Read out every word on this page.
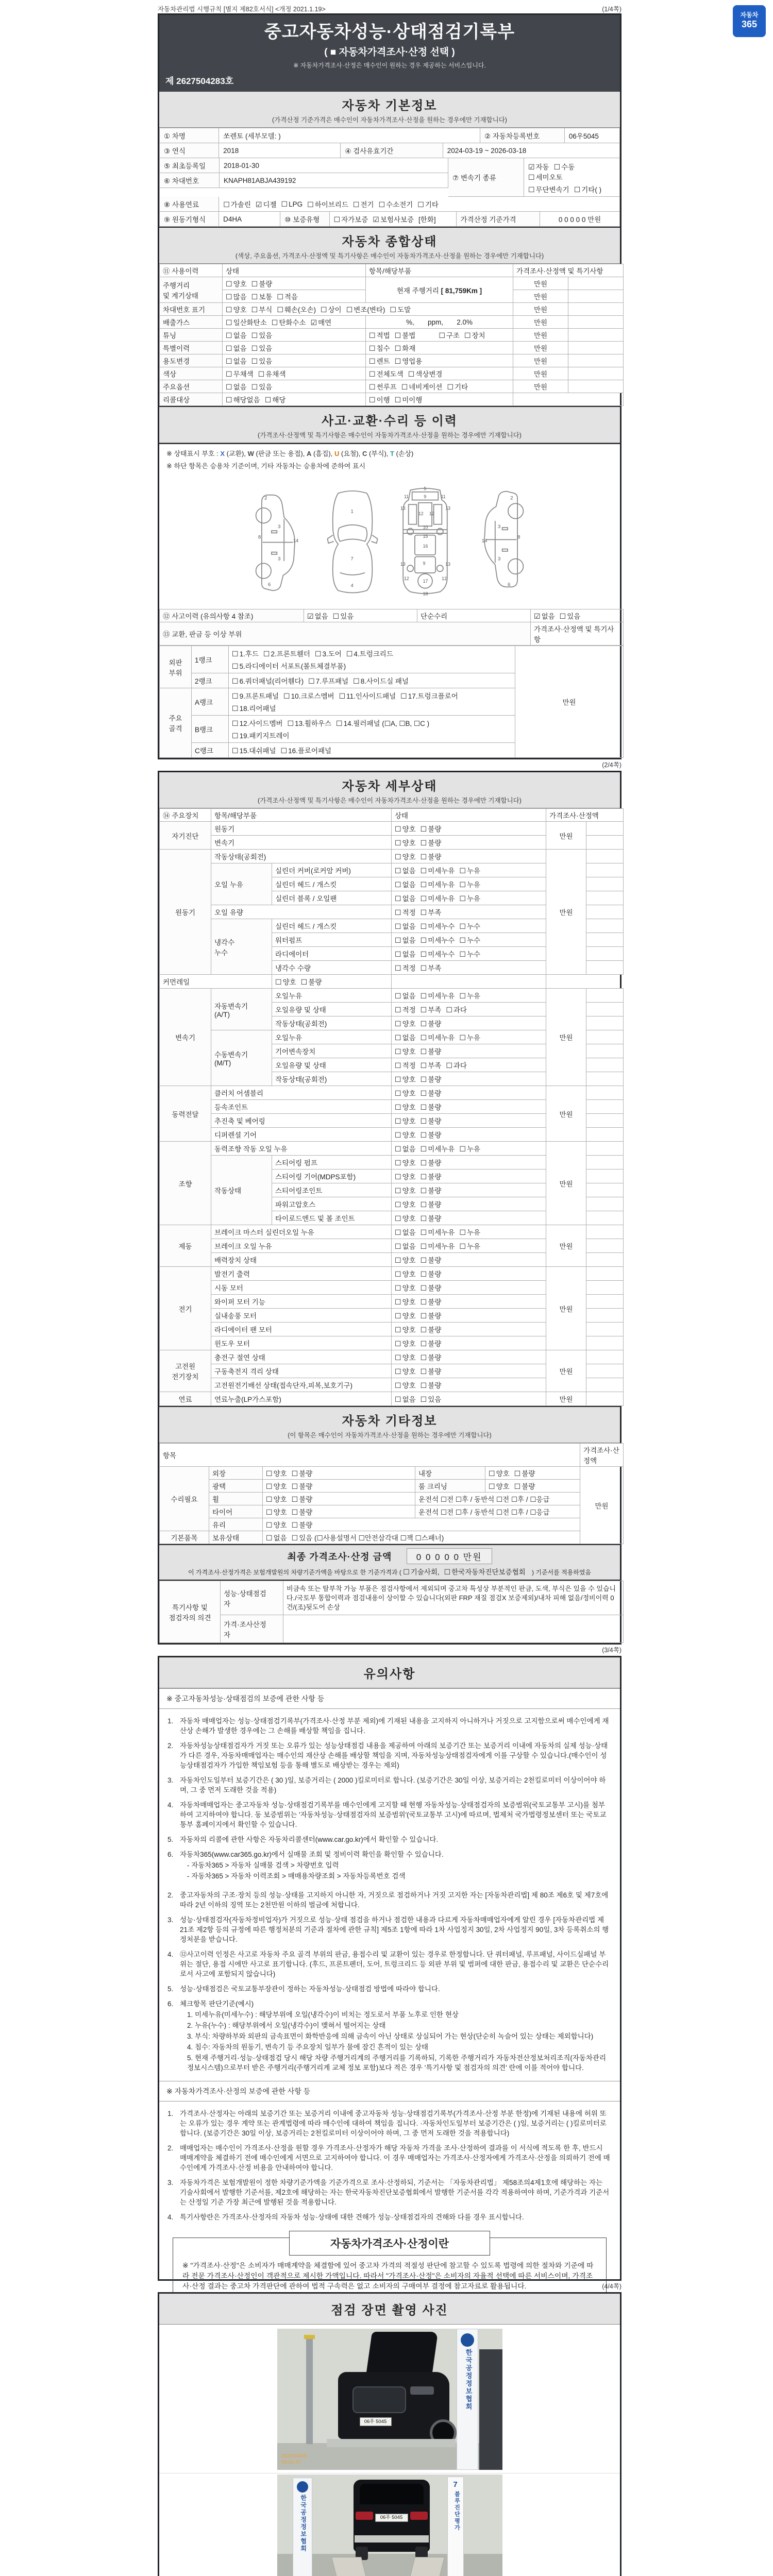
자동차관리법 시행규칙 [별지 제82호서식] <개정 2021.1.19>	(1/4쪽)
자동차
365
중고자동차성능·상태점검기록부
( ■ 자동차가격조사·산정 선택 )
※ 자동차가격조사·산정은 매수인이 원하는 경우 제공하는 서비스입니다.
제 2627504283호
자동차 기본정보
(가격산정 기준가격은 매수인이 자동차가격조사·산정을 원하는 경우에만 기재합니다)
① 차명	쏘렌토 (세부모델: )	② 자동차등록번호	06우5045
③ 연식	2018	④ 검사유효기간	2024-03-19 ~ 2026-03-18
⑤ 최초등록일	2018-01-30
⑥ 차대번호	KNAPH81ABJA439192	⑦ 변속기 종류
☑ 자동 ☐ 수동☐ 세미오토
☐ 무단변속기 ☐ 기타( )
⑧ 사용연료	☐ 가솔린 ☑ 디젤 ☐ LPG ☐ 하이브리드 ☐ 전기 ☐ 수소전기 ☐ 기타
⑨ 원동기형식	D4HA	⑩ 보증유형	☐ 자가보증 ☑ 보험사보증 [한화]	가격산정 기준가격	0 0 0 0 0 만원
자동차 종합상태
(색상, 주요옵션, 가격조사·산정액 및 특기사항은 매수인이 자동차가격조사·산정을 원하는 경우에만 기재합니다)
⑪ 사용이력	상태	항목/해당부품	가격조사·산정액 및 특기사항	
주행거리
및 계기상태	☐ 양호 ☐ 불량	현재 주행거리 [ 81,759Km ]	만원	
	☐ 많음 ☐ 보통 ☐ 적음		만원	
차대번호 표기	☐ 양호 ☐ 부식 ☐ 훼손(오손) ☐ 상이 ☐ 변조(변타) ☐ 도말		만원	
배출가스	☐ 일산화탄소 ☐ 탄화수소 ☑ 매연	%,       ppm,       2.0%	만원	
튜닝	☐ 없음 ☐ 있음	☐ 적법 ☐ 불법 ☐ 구조 ☐ 장치	만원	
특별이력	☐ 없음 ☐ 있음	☐ 침수 ☐ 화재	만원	
용도변경	☐ 없음 ☐ 있음	☐ 렌트 ☐ 영업용	만원	
색상	☐ 무채색 ☐ 유채색	☐ 전체도색 ☐ 색상변경	만원	
주요옵션	☐ 없음 ☐ 있음	☐ 썬루프 ☐ 네비게이션 ☐ 기타	만원	
리콜대상	☐ 해당없음 ☐ 해당	☐ 이행 ☐ 미이행		
사고·교환·수리 등 이력
(가격조사·산정액 및 특기사항은 매수인이 자동차가격조사·산정을 원하는 경우에만 기재합니다)
※ 상태표시 부호 : X (교환), W (판금 또는 용접), A (흠집), U (요철), C (부식), T (손상)
※ 하단 항목은 승용차 기준이며, 기타 자동차는 승용차에 준하여 표시
2
8
3
14
3
6
1
7
4
5
11	11
9
13	13
12 12
10
15
16
13	13
9
12	12
17
18
2
8
3
14
3
6
⑫ 사고이력 (유의사항 4 참조)	☑ 없음 ☐ 있음	단순수리	☑ 없음 ☐ 있음
⑬ 교환, 판금 등 이상 부위			가격조사·산정액 및 특기사항
외판
부위	1랭크	
☐ 1.후드 ☐ 2.프론트휀더 ☐ 3.도어 ☐ 4.트렁크리드
☐ 5.라디에이터 서포트(볼트체결부품)
	만원
	2랭크	☐ 6.쿼더패널(리어휀다) ☐ 7.루프패널 ☐ 8.사이드실 패널	

주요
골격	A랭크	
☐ 9.프론트패널 ☐ 10.크로스멤버 ☐ 11.인사이드패널 ☐ 17.트렁크플로어
☐ 18.리어패널

	B랭크	☐ 12.사이드멤버 ☐ 13.휠하우스 ☐ 14.필러패널 (☐A, ☐B, ☐C )
☐ 19.패키지트레이	

	C랭크	☐ 15.대쉬패널 ☐ 16.플로어패널	
(2/4쪽)
자동차 세부상태
(가격조사·산정액 및 특기사항은 매수인이 자동차가격조사·산정을 원하는 경우에만 기재합니다)
⑭ 주요장치	항목/해당부품		상태	가격조사·산정액	
자기진단	원동기		☐ 양호 ☐ 불량	만원	
	변속기		☐ 양호 ☐ 불량		
원동기	작동상태(공회전)		☐ 양호 ☐ 불량	만원	
	오일 누유	실린더 커버(로커암 커버)	☐ 없음 ☐ 미세누유 ☐ 누유		
		실린더 헤드 / 개스킷	☐ 없음 ☐ 미세누유 ☐ 누유		
		실린더 블록 / 오일팬	☐ 없음 ☐ 미세누유 ☐ 누유		
	오일 유량		☐ 적정 ☐ 부족		
	냉각수
누수	실린더 헤드 / 개스킷	☐ 없음 ☐ 미세누수 ☐ 누수		
		워터펌프	☐ 없음 ☐ 미세누수 ☐ 누수		
		라디에이터	☐ 없음 ☐ 미세누수 ☐ 누수		
		냉각수 수량	☐ 적정 ☐ 부족		
커먼레일		☐ 양호 ☐ 불량			
변속기	자동변속기
(A/T)	오일누유	☐ 없음 ☐ 미세누유 ☐ 누유	만원	
		오일유량 및 상태	☐ 적정 ☐ 부족 ☐ 과다		
		작동상태(공회전)	☐ 양호 ☐ 불량		
	수동변속기
(M/T)	오일누유	☐ 없음 ☐ 미세누유 ☐ 누유		
		기어변속장치	☐ 양호 ☐ 불량		
		오일유량 및 상태	☐ 적정 ☐ 부족 ☐ 과다		
		작동상태(공회전)	☐ 양호 ☐ 불량		
동력전달	클러치 어셈블리		☐ 양호 ☐ 불량	만원	
	등속조인트		☐ 양호 ☐ 불량		
	추진축 및 베어링		☐ 양호 ☐ 불량		
	디퍼렌셜 기어		☐ 양호 ☐ 불량		
조향	동력조향 작동 오일 누유		☐ 없음 ☐ 미세누유 ☐ 누유	만원	
	작동상태	스티어링 펌프	☐ 양호 ☐ 불량		
		스티어링 기어(MDPS포함)	☐ 양호 ☐ 불량		
		스티어링조인트	☐ 양호 ☐ 불량		
		파워고압호스	☐ 양호 ☐ 불량		
		타이로드엔드 및 볼 조인트	☐ 양호 ☐ 불량		
제동	브레이크 마스터 실린더오일 누유		☐ 없음 ☐ 미세누유 ☐ 누유	만원	
	브레이크 오일 누유		☐ 없음 ☐ 미세누유 ☐ 누유		
	배력장치 상태		☐ 양호 ☐ 불량		
전기	발전기 출력		☐ 양호 ☐ 불량	만원	
	시동 모터		☐ 양호 ☐ 불량		
	와이퍼 모터 기능		☐ 양호 ☐ 불량		
	실내송풍 모터		☐ 양호 ☐ 불량		
	라디에이터 팬 모터		☐ 양호 ☐ 불량		
	윈도우 모터		☐ 양호 ☐ 불량		
고전원
전기장치	충전구 절연 상태		☐ 양호 ☐ 불량	만원	
	구동축전지 격리 상태		☐ 양호 ☐ 불량		
	고전원전기배선 상태(접속단자,피복,보호기구)		☐ 양호 ☐ 불량		
연료	연료누출(LP가스포함)		☐ 없음 ☐ 있음	만원	
자동차 기타정보
(이 항목은 매수인이 자동차가격조사·산정을 원하는 경우에만 기재합니다)
항목					가격조사·산정액
수리필요	외장	☐ 양호 ☐ 불량	내장	☐ 양호 ☐ 불량	만원
	광택	☐ 양호 ☐ 불량	룸 크리닝	☐ 양호 ☐ 불량	
	휠	☐ 양호 ☐ 불량	운전석 ☐전 ☐후 / 동반석 ☐전 ☐후 / ☐응급		
	타이어	☐ 양호 ☐ 불량	운전석 ☐전 ☐후 / 동반석 ☐전 ☐후 / ☐응급		
	유리	☐ 양호 ☐ 불량			
기본품목	보유상태	☐ 없음 ☐ 있음 (☐사용설명서 ☐안전삼각대 ☐잭 ☐스패너)			
최종 가격조사·산정 금액	0 0 0 0 0 만원
이 가격조사·산정가격은 보험개발원의 차량기준가액을 바탕으로 한 기준가격과 ( ☐ 기술사회, ☐ 한국자동차진단보증협회 ) 기준서를 적용하였음
특기사항 및
점검자의 의견	성능·상태점검
자	비금속 또는 탈부착 가능 부품은 점검사항에서 제외되며 중고차 특성상 부분적인 판금, 도색, 부식은 있을 수 있습니다./국토부 통합이력과 점검내용이 상이할 수 있습니다(외판 FRP 재질 점검X 보증제외)/내차 피해 없음/정비이력 0건/(조)뒷도어 손상
	가격·조사산정
자	
(3/4쪽)
유의사항
※ 중고자동차성능·상태점검의 보증에 관한 사항 등
1. 자동차 매매업자는 성능·상태점검기록부(가격조사·산정 부분 제외)에 기재된 내용을 고지하지 아니하거나 거짓으로 고지함으로써 매수인에게 재산상 손해가 발생한 경우에는 그 손해를 배상할 책임을 집니다.
2. 자동차성능상태점검자가 거짓 또는 오류가 있는 성능상태점검 내용을 제공하여 아래의 보증기간 또는 보증거리 이내에 자동차의 실제 성능·상태가 다른 경우, 자동차매매업자는 매수인의 재산상 손해를 배상할 책임을 지며, 자동차성능상태점검자에게 이를 구상할 수 있습니다.(매수인이 성능상태점검자가 가입한 책임보험 등을 통해 별도로 배상받는 경우는 제외)
3. 자동차인도일부터 보증기간은 ( 30 )일, 보증거리는 ( 2000 )킬로미터로 합니다. (보증기간은 30일 이상, 보증거리는 2천킬로미터 이상이어야 하며, 그 중 먼저 도래한 것을 적용)
4. 자동차매매업자는 중고자동차 성능·상태점검기록부를 매수인에게 고지할 때 현행 자동차성능·상태점검자의 보증범위(국토교통부 고시)를 첨부하여 고지하여야 합니다. 동 보증범위는 '자동차성능·상태점검자의 보증범위'(국토교통부 고시)에 따르며, 법제처 국가법령정보센터 또는 국토교통부 홈페이지에서 확인할 수 있습니다.
5. 자동차의 리콜에 관한 사항은 자동차리콜센터(www.car.go.kr)에서 확인할 수 있습니다.
6. 자동차365(www.car365.go.kr)에서 실매물 조회 및 정비이력 확인을 확인할 수 있습니다.
- 자동차365 > 자동차 실매물 검색 > 차량번호 입력
- 자동차365 > 자동차 이력조회 > 매매용차량조회 > 자동차등록번호 검색
2. 중고자동차의 구조·장치 등의 성능·상태를 고지하지 아니한 자, 거짓으로 점검하거나 거짓 고지한 자는 [자동차관리법] 제 80조 제6호 및 제7호에 따라 2년 이하의 징역 또는 2천만원 이하의 벌금에 처합니다.
3. 성능·상태점검자(자동차정비업자)가 거짓으로 성능·상태 점검을 하거나 점검한 내용과 다르게 자동차매매업자에게 알린 경우 [자동차관리법 제21조 제2항 등의 규정에 따른 행정처분의 기준과 절차에 관한 규칙] 제5조 1항에 따라 1차 사업정지 30일, 2차 사업정지 90일, 3차 등록취소의 행정처분을 받습니다.
4. ⑫사고이력 인정은 사고로 자동차 주요 골격 부위의 판금, 용접수리 및 교환이 있는 경우로 한정합니다. 단 쿼터패널, 루프패널, 사이드실패널 부위는 절단, 용접 시에만 사고로 표기합니다. (후드, 프론트펜더, 도어, 트렁크리드 등 외판 부위 및 범퍼에 대한 판금, 용접수리 및 교환은 단순수리로서 사고에 포함되지 않습니다)
5. 성능·상태점검은 국토교통부장관이 정하는 자동차성능·상태점검 방법에 따라야 합니다.
6. 체크항목 판단기준(예시)
1. 미세누유(미세누수) : 해당부위에 오일(냉각수)이 비치는 정도로서 부품 노후로 인한 현상
2. 누유(누수) : 해당부위에서 오일(냉각수)이 맺혀서 떨어지는 상태
3. 부식: 차량하부와 외판의 금속표면이 화학반응에 의해 금속이 아닌 상태로 상실되어 가는 현상(단순히 녹슬어 있는 상태는 제외합니다)
4. 침수: 자동차의 원동기, 변속기 등 주요장치 일부가 물에 잠긴 흔적이 있는 상태
5. 현재 주행거리·성능·상태점검 당시 해당 차량 주행거리계의 주행거리를 기록하되, 기록한 주행거리가 자동차전산정보처리조직(자동차관리정보시스템)으로부터 받은 주행거리(주행거리계 교체 정보 포함)보다 적은 경우 '특기사항 및 점검자의 의견' 란에 이를 적어야 합니다.
※ 자동차가격조사·산정의 보증에 관한 사항 등
1. 가격조사·산정자는 아래의 보증기간 또는 보증거리 이내에 중고자동차 성능·상태점검기록부(가격조사·산정 부분 한정)에 기재된 내용에 허위 또는 오류가 있는 경우 계약 또는 관계법령에 따라 매수인에 대하여 책임을 집니다. ·자동차인도일부터 보증기간은 ( )일, 보증거리는 ( )킬로미터로 합니다. (보증기간은 30일 이상, 보증거리는 2천킬로미터 이상이어야 하며, 그 중 먼저 도래한 것을 적용합니다)
2. 매매업자는 매수인이 가격조사·산정을 원할 경우 가격조사·산정자가 해당 자동차 가격을 조사·산정하여 결과를 이 서식에 적도록 한 후, 반드시 매매계약을 체결하기 전에 매수인에게 서면으로 고지하여야 합니다. 이 경우 매매업자는 가격조사·산정자에게 가격조사·산정을 의뢰하기 전에 매수인에게 가격조사·산정 비용을 안내하여야 합니다.
3. 자동차가격은 보험개발원이 정한 차량기준가액을 기준가격으로 조사·산정하되, 기준서는 「자동차관리법」 제58조의4제1호에 해당하는 자는 기술사회에서 발행한 기준서를, 제2호에 해당하는 자는 한국자동차진단보증협회에서 발행한 기준서를 각각 적용하여야 하며, 기준가격과 기준서는 산정일 기준 가장 최근에 발행된 것을 적용합니다.
4. 특기사항란은 가격조사·산정자의 자동차 성능·상태에 대한 견해가 성능·상태점검자의 견해와 다를 경우 표시합니다.
자동차가격조사·산정이란
※ "가격조사·산정"은 소비자가 매매계약을 체결함에 있어 중고차 가격의 적절성 판단에 참고할 수 있도록 법령에 의한 절차와 기준에 따라 전문 가격조사·산정인이 객관적으로 제시한 가액입니다. 따라서 "가격조사·산정"은 소비자의 자율적 선택에 따른 서비스이며, 가격조사·산정 결과는 중고차 가격판단에 관하여 법적 구속력은 없고 소비자의 구매여부 결정에 참고자료로 활용됩니다.	(4/4쪽)
점검 장면 촬영 사진
한국공정정보협회
06우 5045
2020/03/09
09:41:47
한국공정정보협회
7
블루진단평가
06우 5045
